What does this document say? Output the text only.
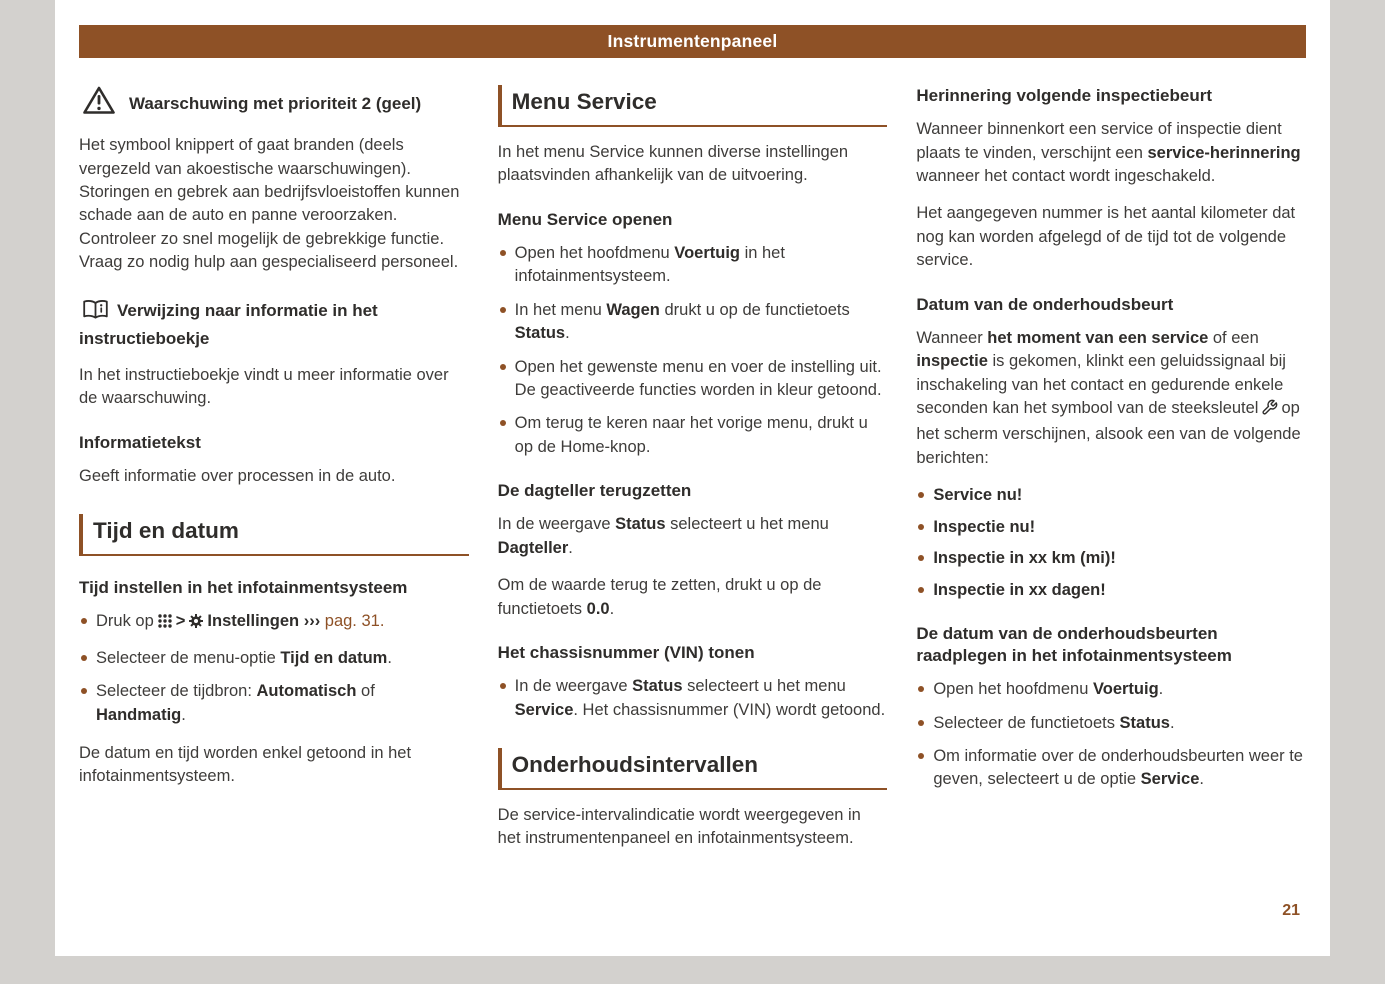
Instrumentenpaneel
Waarschuwing met prioriteit 2 (geel)

Het symbool knippert of gaat branden (deels vergezeld van akoestische waarschuwingen). Storingen en gebrek aan bedrijfsvloeistoffen kunnen schade aan de auto en panne veroorzaken. Controleer zo snel mogelijk de gebrekkige functie. Vraag zo nodig hulp aan gespecialiseerd personeel.

Verwijzing naar informatie in het instructieboekje

In het instructieboekje vindt u meer informatie over de waarschuwing.

Informatietekst

Geeft informatie over processen in de auto.

Tijd en datum
Tijd instellen in het infotainmentsysteem
Druk op > Instellingen ››› pag. 31.
Selecteer de menu-optie Tijd en datum.
Selecteer de tijdbron: Automatisch of Handmatig.

De datum en tijd worden enkel getoond in het infotainmentsysteem.

Menu Service

In het menu Service kunnen diverse instellingen plaatsvinden afhankelijk van de uitvoering.

Menu Service openen
Open het hoofdmenu Voertuig in het infotainmentsysteem.
In het menu Wagen drukt u op de functietoets Status.
Open het gewenste menu en voer de instelling uit. De geactiveerde functies worden in kleur getoond.
Om terug te keren naar het vorige menu, drukt u op de Home-knop.
De dagteller terugzetten

In de weergave Status selecteert u het menu Dagteller.

Om de waarde terug te zetten, drukt u op de functietoets 0.0.

Het chassisnummer (VIN) tonen
In de weergave Status selecteert u het menu Service. Het chassisnummer (VIN) wordt getoond.
Onderhoudsintervallen

De service-intervalindicatie wordt weergegeven in het instrumentenpaneel en infotainmentsysteem.

Herinnering volgende inspectiebeurt

Wanneer binnenkort een service of inspectie dient plaats te vinden, verschijnt een service-herinnering wanneer het contact wordt ingeschakeld.

Het aangegeven nummer is het aantal kilometer dat nog kan worden afgelegd of de tijd tot de volgende service.

Datum van de onderhoudsbeurt

Wanneer het moment van een service of een inspectie is gekomen, klinkt een geluidssignaal bij inschakeling van het contact en gedurende enkele seconden kan het symbool van de steeksleutel op het scherm verschijnen, alsook een van de volgende berichten:

Service nu!
Inspectie nu!
Inspectie in xx km (mi)!
Inspectie in xx dagen!
De datum van de onderhoudsbeurten raadplegen in het infotainmentsysteem
Open het hoofdmenu Voertuig.
Selecteer de functietoets Status.
Om informatie over de onderhoudsbeurten weer te geven, selecteert u de optie Service.
21
